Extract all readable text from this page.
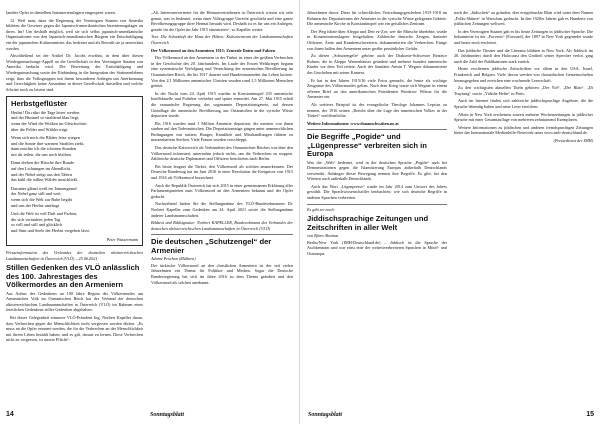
Iandete Opfer in denselben Interniertenslagern eingesperrt waren.

12. Weil man, dazu die Regierung der Vereinigten Staaten von Amerika bildeten die Gesetzes gegen die Japanisch-amerikanischen Internierungslager an ihren. Im? Um deshalb möglich, weil sie sich selbst japanisch-amerikanische Organisationen von den Japanisch-amerikanischen Bürgern ein Entschuldigung ein der japanischen Kulturminister, das bedeutet und als Bewußt sie ja unterstützt worden.

Abschließend sei der Artikel Dr. Jacobs erwähnt, in dem über diesen Wiedergutmachungs-Appell an die Gesellschaft in den Vereinigten Staaten von Amerika bedacht wird. Die Bewertung der Entschädigung und Wiedergutmachung sowie der Einbindung in die Integration des Stationenlebens zeigt, dass die Volksgruppen mit ihrem besonderen Anliegen um Anerkennung und Gerechtigkeit keine Ausnahme in dieser Gesellschaft darstellen und welche Schritte noch zu leisten sind.

Herbstgeflüster
Herbst! Du rührt die Tage leiser werden
und der Himmel so strahlend blau liegt,
wenn der Wind die Wolken im Gleichschritt
über die Felder und Wälder trägt.
Wenn sich noch die Blätter leise wiegen
und die Sonne ihre warmen Strahlen zieht,
dann möchte ich die schönen Stunden
mit dir teilen, die uns noch bleiben.
Dann drehen die Hirsche ihre Runde
auf den Lichtungen im Abendlicht,
und der Nebel steigt aus den Tälern
das kühl die stillen Wälder umschließt.
Darunter glänzt weiß im Tannengrund
der Nebel ganz still und weit,
wenn sich die Welt zur Ruhe begibt
und uns der Herbst umfängt.
Und die Welt ist voll Duft und Farben,
die sich verändern jeden Tag
so voll und still und glücklich
und Sinn und Seele der Herbst vergehen lässt.
Peter Wassermann
Presseinformation des Verbandes der deutschen altösterreichischen Landsmannschaften in Österreich (VLÖ) – 25.06.2021
Stillen Gedenken des VLÖ anlässlich des 100. Jahrestages des Völkermordes an den Armeniern

Aus Anlass des Gedenkens an 100 Jahre Beginn des Völkermordes am Armenischen Volk im Osmanischen Reich hat der Verband der deutschen altösterreichischen Landsmannschaften in Österreich (VLÖ) im Rahmen eines feierlichen Gedenkens stilles Gedenken abgehalten.

Bei dieser Gelegenheit erinnerte VLÖ-Präsident Ing. Norbert Kapeller daran, dass Verbrechen gegen die Menschlichkeit nicht vergessen werden dürfen. „Es muss an die Opfer erinnert werden, die für die Verbrechen an der Menschlichkeit mit ihrem Leben bezahlt haben, und es gilt, daraus zu lernen. Diese Verbrechen nicht zu vergessen, ist unsere Pflicht“.

„Als Interessenvertreter für die Heimatvertriebenen in Österreich wissen wir sehr genau, was es bedeutet, wenn einer Volksgruppe Unrecht geschieht und eine ganze Bevölkerungsgruppe ihrer Heimat beraubt wird. Deshalb ist es für uns ein Anliegen, gerade für die Opfer im Jahr 1915 einzutreten“, so Kapeller weiter.

Text: Die Schatzhaft der Haus der Höhen; Kulturzentrum der Landsmannschaften Österreich

Der Völkermord an den Armeniern 1915: Zentrale Daten und Fakten

Der Völkermord an den Armeniern in der Türkei ist eines der größten Verbrechen in der Geschichte des 20. Jahrhunderts. Im Laufe des Ersten Weltkrieges begann eine systematische Verfolgung und Vernichtung der armenischen Bevölkerung im Osmanischen Reich, die bis 1917 dauerte und Hunderttausenden das Leben kostete. Von den 2,1 Millionen armenischer Christen wurden rund 1,5 Millionen Menschen getötet.

In der Nacht vom 24. April 1915 wurden in Konstantinopel 235 armenische Intellektuelle und Politiker verhaftet und später ermordet. Am 27. Mai 1915 erließ die osmanische Regierung das sogenannte Deportationsgesetz, auf dessen Grundlage die armenische Bevölkerung aus Ostanatolien in die syrische Wüste deportiert wurde.

Bis 1916 wurden rund 1 Million Armenier deportiert, die meisten von ihnen starben auf den Todesmärschen. Die Deportationszüge gingen unter unmenschlichen Bedingungen von statten; Hunger, Krankheit und Misshandlungen führten zu massenhaftem Sterben. Viele Frauen wurden verschleppt.

Das deutsche Kaiserreich als Verbündeter des Osmanischen Reiches war über den Völkermord informiert, unternahm jedoch nichts, um die Verbrechen zu stoppen. Zahlreiche deutsche Diplomaten und Offiziere berichteten nach Berlin.

Bis heute leugnet die Türkei, den Völkermord als solchen anzuerkennen. Der Deutsche Bundestag hat im Juni 2016 in einer Resolution die Ereignisse von 1915 und 1916 als Völkermord bezeichnet.

Auch die Republik Österreich hat sich 2015 in einer gemeinsamen Erklärung aller Parlamentsparteien zum Völkermord an den Armeniern bekannt und der Opfer gedacht.

Nachstehend finden Sie die Stellungnahme des VLÖ-Bundesobmannes Dr. Norbert Kapeller zum Gedenken am 24. April 2021 sowie die Stellungnahme anderer Landsmannschaften.

Bildtext und Bildsignatur: Norbert KAPELLER, Bundesobmann des Verbandes der deutschen altösterreichischen Landsmannschaften in Österreich (VLÖ)

Die deutschen „Schutzengel“ der Armenier
Adame Peschon (Müllnen)

Der türkische Völkermord an den christlichen Armeniern ist der seit vielen Jahrzehnten ein Thema für Politiker und Medien. Sogar die Deutsche Bundesregierung hat sich im Jahre 2016 zu dem Thema geäußert und den Völkermord als solchen anerkannt.

14	Sonntagsblatt

Jahrzehnten davor. Diese für schreckliches Vertreibungsgeschehen 1915-1918 im Rahmen der Deportationen der Armenier in die syrische Wüste gelegenen Gebiete. Die armenische Kirche in Konstantinopel war ein geistliches Zentrum.

Der Weg führte über Aleppo und Deir ez-Zor; wer die Märsche überlebte, wurde in Konzentrationslagern festgehalten. Zahlreiche deutsche Zeugen, darunter Offiziere, Ärzte und Krankenschwestern, dokumentierten die Verbrechen. Einige von ihnen halfen den Armeniern unter großer persönlicher Gefahr.

Zu diesen „Schutzengeln“ gehörte auch der Diakonie-Schwester Beatrice Rohner, die in Aleppo Waisenhäuser gründete und mehrere hundert armenische Kinder vor dem Tod rettete. Auch der Sanitäter Armin T. Wegner dokumentierte das Geschehen mit seiner Kamera.

Er hat in den Jahren 1915/16 viele Fotos gemacht, die heute als wichtige Zeugnisse des Völkermordes gelten. Nach dem Krieg setzte sich Wegner in einem offenen Brief an den amerikanischen Präsidenten Woodrow Wilson für die Armenier ein.

Als weiteres Beispiel ist der evangelische Theologe Johannes Lepsius zu nennen, der 1916 seinen „Bericht über die Lage des armenischen Volkes in der Türkei“ veröffentlichte.

Weitere Informationen: www.donauschwaben.ne.at

Die Begriffe „Pogide“ und „Lügenpresse“ verbreiten sich in Europa

Was die „Welt“ bedeutet, wird in der deutschen Sprache „Pogide“ nach bei Demonstrationen gegen die Islamisierung Europas außerhalb Deutschlands verwendet. Anhänger dieser Bewegung nennen ihre Begriffe. Es gibt, bei den Wörtern auch außerhalb Deutschlands.

Auch das Wort „Lügenpresse“ wurde im Jahr 2014 zum Unwort des Jahres gewählt. Die Sprachwissenschaftler beobachten, wie sich deutsche Begriffe in anderen Sprachen verbreiten.

Es gibt sie noch:
Jiddischsprachige Zeitungen und Zeitschriften in aller Welt
von Björn Akstinat

Berlin/New York (IMH-Deutschland.de) – Jiddisch ist die Sprache der Aschkenasim und war einst eine der weitestverbreiteten Sprachen in Mittel- und Osteuropa.

nach die „Jüdischen“ zu gründen, dies erstgedruckte Blatt wird unter dem Namen „Folks-Shtime“ in Warschau gedruckt. In den 1920er Jahren gab es Hunderte von jiddischen Zeitungen weltweit.

In den Vereinigten Staaten gab es bis heute Zeitungen in jiddischer Sprache. Die bekannteste ist der „Forverts“ (Forward), der 1897 in New York gegründet wurde und heute noch erscheint.

Das jiddische Theater und die Literatur blühten in New York. Als Jiddisch im 20. Jahrhundert durch den Holocaust den Großteil seiner Sprecher verlor, ging auch die Zahl der Publikationen stark zurück.

Heute erscheinen jiddische Zeitschriften vor allem in den USA, Israel, Frankreich und Belgien. Viele davon werden von chassidischen Gemeinschaften herausgegeben und erreichen eine wachsende Leserschaft.

Zu den wichtigsten aktuellen Titeln gehören „Der Yid“, „Der Blatt“, „Di Tsaytung“ sowie „Yidishe Heftn“ in Paris.

Auch im Internet finden sich zahlreiche jiddischsprachige Angebote, die die Sprache lebendig halten und neue Leser erreichen.

Allein in New York erscheinen zurzeit mehrere Wochenzeitungen in jiddischer Sprache mit einer Gesamtauflage von mehreren zehntausend Exemplaren.

Weitere Informationen zu jiddischen und anderen fremdsprachigen Zeitungen bietet das Internationale Medienhilfe-Netzwerk unter www.imh-deutschland.de.

(Pressedienst der IMH)
Sonntagsblatt	15
